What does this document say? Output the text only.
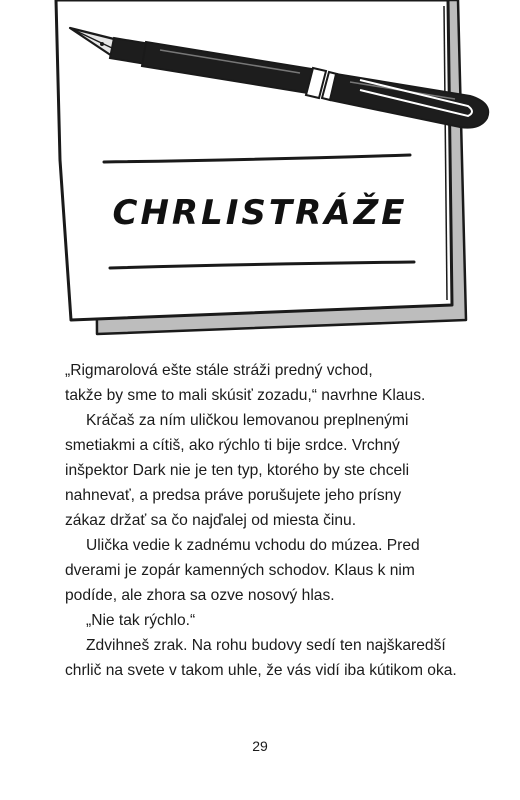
CHRLISTRÁŽE

„Rigmarolová ešte stále stráži predný vchod,

takže by sme to mali skúsiť zozadu,“ navrhne Klaus.

Kráčaš za ním uličkou lemovanou preplnenými

smetiakmi a cítiš, ako rýchlo ti bije srdce. Vrchný

inšpektor Dark nie je ten typ, ktorého by ste chceli

nahnevať, a predsa práve porušujete jeho prísny

zákaz držať sa čo najďalej od miesta činu.

Ulička vedie k zadnému vchodu do múzea. Pred

dverami je zopár kamenných schodov. Klaus k nim

podíde, ale zhora sa ozve nosový hlas.

„Nie tak rýchlo.“

Zdvihneš zrak. Na rohu budovy sedí ten najškaredší

chrlič na svete v takom uhle, že vás vidí iba kútikom oka.

29
